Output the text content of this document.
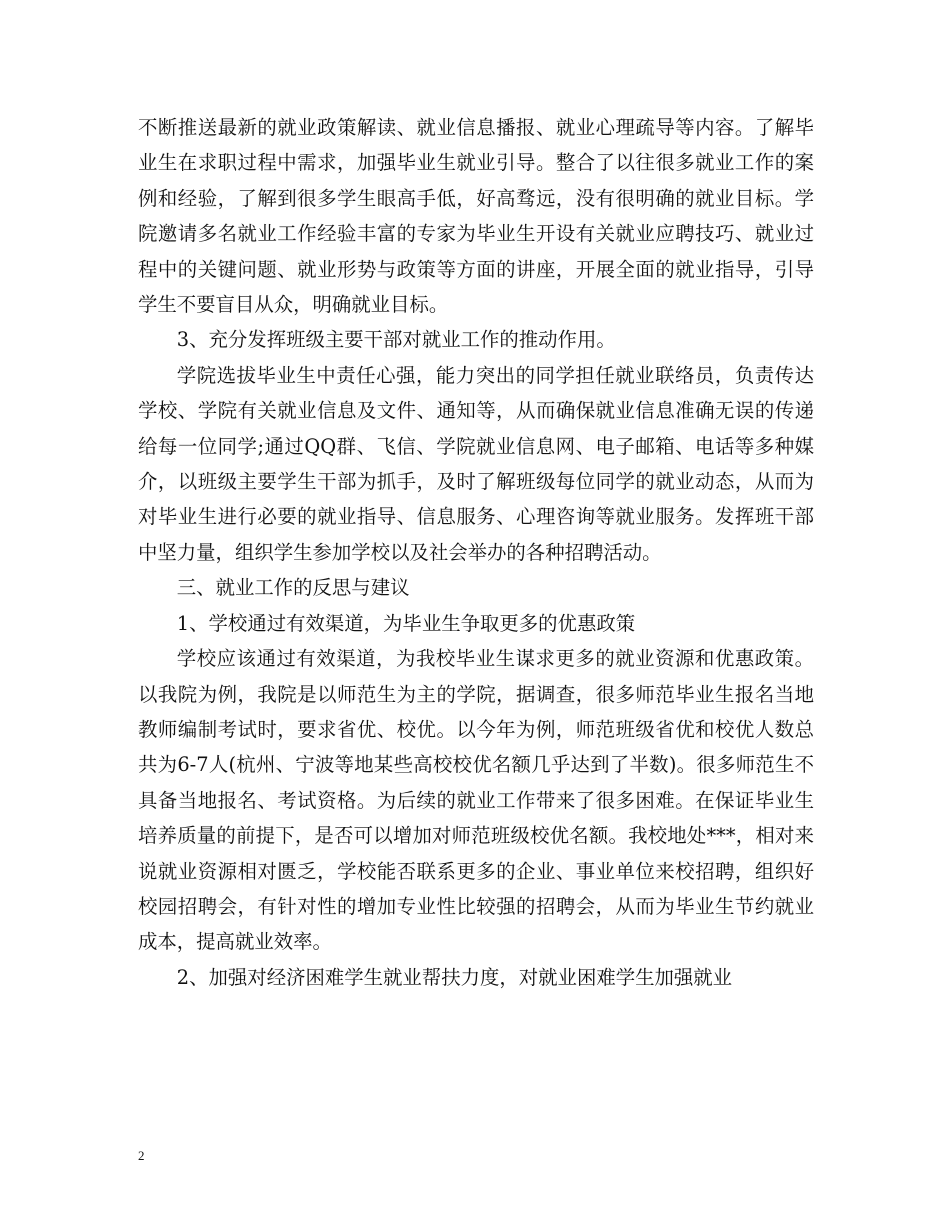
不断推送最新的就业政策解读、就业信息播报、就业心理疏导等内容。了解毕业生在求职过程中需求，加强毕业生就业引导。整合了以往很多就业工作的案例和经验，了解到很多学生眼高手低，好高骛远，没有很明确的就业目标。学院邀请多名就业工作经验丰富的专家为毕业生开设有关就业应聘技巧、就业过程中的关键问题、就业形势与政策等方面的讲座，开展全面的就业指导，引导学生不要盲目从众，明确就业目标。

3、充分发挥班级主要干部对就业工作的推动作用。

学院选拔毕业生中责任心强，能力突出的同学担任就业联络员，负责传达学校、学院有关就业信息及文件、通知等，从而确保就业信息准确无误的传递给每一位同学;通过QQ群、飞信、学院就业信息网、电子邮箱、电话等多种媒介，以班级主要学生干部为抓手，及时了解班级每位同学的就业动态，从而为对毕业生进行必要的就业指导、信息服务、心理咨询等就业服务。发挥班干部中坚力量，组织学生参加学校以及社会举办的各种招聘活动。

三、就业工作的反思与建议

1、学校通过有效渠道，为毕业生争取更多的优惠政策

学校应该通过有效渠道，为我校毕业生谋求更多的就业资源和优惠政策。以我院为例，我院是以师范生为主的学院，据调查，很多师范毕业生报名当地教师编制考试时，要求省优、校优。以今年为例，师范班级省优和校优人数总共为6-7人(杭州、宁波等地某些高校校优名额几乎达到了半数)。很多师范生不具备当地报名、考试资格。为后续的就业工作带来了很多困难。在保证毕业生培养质量的前提下，是否可以增加对师范班级校优名额。我校地处***，相对来说就业资源相对匮乏，学校能否联系更多的企业、事业单位来校招聘，组织好校园招聘会，有针对性的增加专业性比较强的招聘会，从而为毕业生节约就业成本，提高就业效率。

2、加强对经济困难学生就业帮扶力度，对就业困难学生加强就业

2
